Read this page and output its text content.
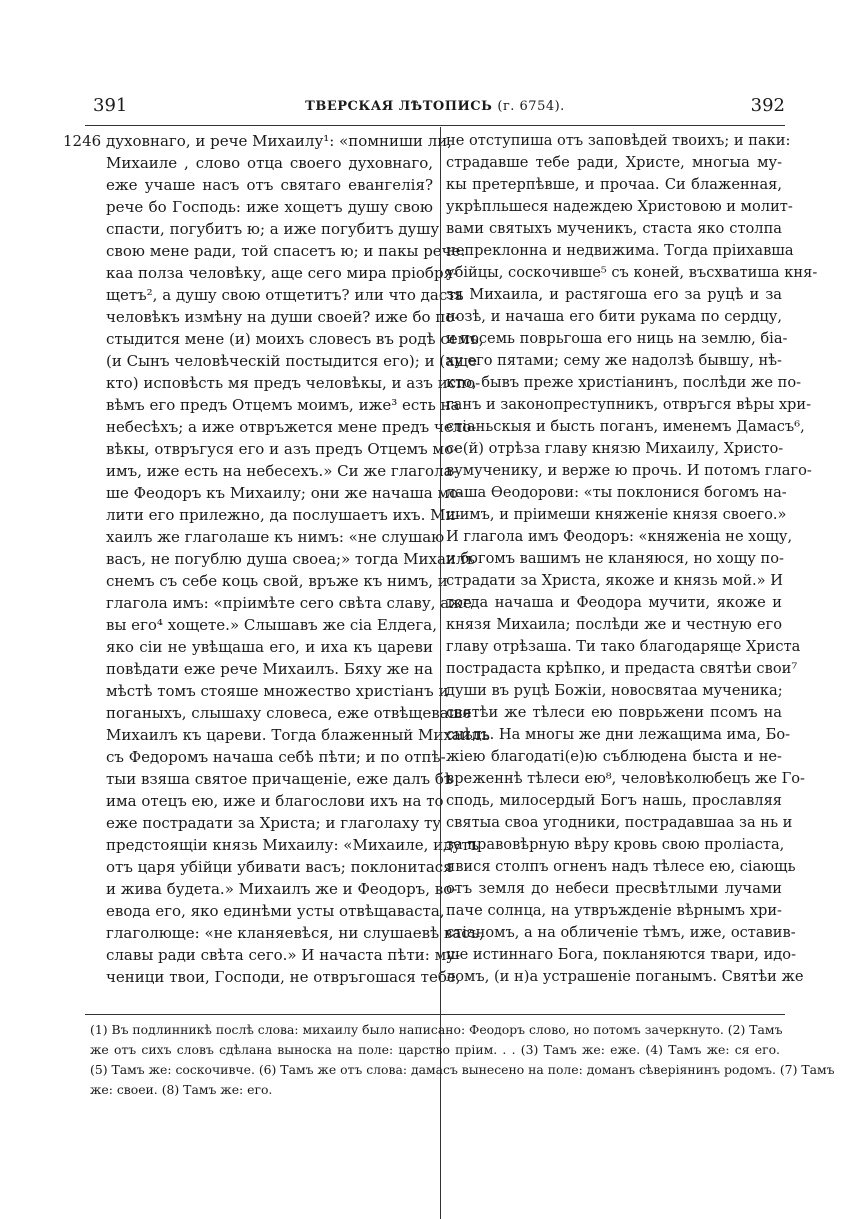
391	ТВЕРСКАЯ ЛѢТОПИСЬ (г. 6754).	392
1246 духовнаго, и рече Михаилу¹: «помниши ли,
Михаиле , слово отца своего духовнаго,
еже учаше насъ отъ святаго евангелія?
рече бо Господь: иже хощетъ душу свою
спасти, погубитъ ю; а иже погубитъ душу
свою мене ради, той спасетъ ю; и пакы рече:
каа полза человѣку, аще сего мира пріобря-
щетъ², а душу свою отщетитъ? или что дасть
человѣкъ измѣну на души своей? иже бо по-
стыдится мене (и) моихъ словесъ въ родѣ семъ,
(и Сынъ человѣческій постыдится его); и (аще
кто) исповѣсть мя предъ человѣкы, и азъ испо-
вѣмъ его предъ Отцемъ моимъ, иже³ есть на
небесѣхъ; а иже отвръжется мене предъ чело-
вѣкы, отвръгуся его и азъ предъ Отцемъ мо-
имъ, иже есть на небесехъ.» Си же глагола-
ше Феодоръ къ Михаилу; они же начаша мо-
лити его прилежно, да послушаетъ ихъ. Ми-
хаилъ же глаголаше къ нимъ: «не слушаю
васъ, не погублю душа своеа;» тогда Михаилъ
снемъ съ себе коць свой, връже къ нимъ, и
глагола имъ: «пріимѣте сего свѣта славу, аже
вы его⁴ хощете.» Слышавъ же сіа Елдега,
яко сіи не увѣщаша его, и иха къ цареви
повѣдати еже рече Михаилъ. Бяху же на
мѣстѣ томъ стояше множество христіанъ и
поганыхъ, слышаху словеса, еже отвѣщеваше
Михаилъ къ цареви. Тогда блаженный Михаилъ
съ Федоромъ начаша себѣ пѣти; и по отпѣ-
тыи взяша святое причащеніе, еже далъ бѣ
има отецъ ею, иже и благослови ихъ на то
еже пострадати за Христа; и глаголаху ту
предстоящіи князь Михаилу: «Михаиле, идутъ
отъ царя убійци убивати васъ; поклонитася
и жива будета.» Михаилъ же и Феодоръ, во-
евода его, яко единѣми усты отвѣщаваста,
глаголюще: «не кланяевѣся, ни слушаевѣ васъ,
славы ради свѣта сего.» И начаста пѣти: му-
ченици твои, Господи, не отвръгошася тебе,
не отступиша отъ заповѣдей твоихъ; и паки:
страдавше тебе ради, Христе, многыа му-
кы претерпѣвше, и прочаа. Си блаженная,
укрѣпльшеся надеждею Христовою и молит-
вами святыхъ мученикъ, стаста яко столпа
непреклонна и недвижима. Тогда пріихавша
убійцы, соскочивше⁵ съ коней, въсхватиша кня-
зя Михаила, и растягоша его за руцѣ и за
нозѣ, и начаша его бити рукама по сердцу,
и посемь поврьгоша его ниць на землю, біа-
ху его пятами; сему же надолзѣ бывшу, нѣ-
кто, бывъ преже христіанинъ, послѣди же по-
ганъ и законопреступникъ, отвръгся вѣры хри-
стіаньскыя и бысть поганъ, именемъ Дамасъ⁶,
се(й) отрѣза главу князю Михаилу, Христо-
вумученику, и верже ю прочь. И потомъ глаго-
лаша Ѳеодорови: «ты поклонися богомъ на-
шимъ, и пріимеши княженіе князя своего.»
И глагола имъ Феодоръ: «княженіа не хощу,
и богомъ вашимъ не кланяюся, но хощу по-
страдати за Христа, якоже и князь мой.» И
тогда начаша и Феодора мучити, якоже и
князя Михаила; послѣди же и честную его
главу отрѣзаша. Ти тако благодаряще Христа
пострадаста крѣпко, и предаста святѣи свои⁷
души въ руцѣ Божіи, новосвятаа мученика;
святѣи же тѣлеси ею поврьжени псомъ на
снѣдь. На многы же дни лежащима има, Бо-
жіею благодаті(е)ю съблюдена быста и не-
вреженнѣ тѣлеси ею⁸, человѣколюбецъ же Го-
сподь, милосердый Богъ нашь, прославляя
святыа своа угодники, пострадавшаа за нь и
за правовѣрную вѣру кровь свою проліаста,
явися столпъ огненъ надъ тѣлесе ею, сіающь
отъ земля до небеси пресвѣтлыми лучами
паче солнца, на утвръжденіе вѣрнымъ хри-
стіаномъ, а на обличеніе тѣмъ, иже, оставив-
ше истиннаго Бога, покланяются твари, идо-
ломъ, (и н)а устрашеніе поганымъ. Святѣи же
(1) Въ подлинникѣ послѣ слова: михаилу было написано: Феодоръ слово, но потомъ зачеркнуто. (2) Тамъ
же отъ сихъ словъ сдѣлана выноска на поле: царство пріим. . . (3) Тамъ же: еже. (4) Тамъ же: ся его.
(5) Тамъ же: соскочивче. (6) Тамъ же отъ слова: дамасъ вынесено на поле: доманъ сѣверіянинъ родомъ. (7) Тамъ
же: своеи. (8) Тамъ же: его.
